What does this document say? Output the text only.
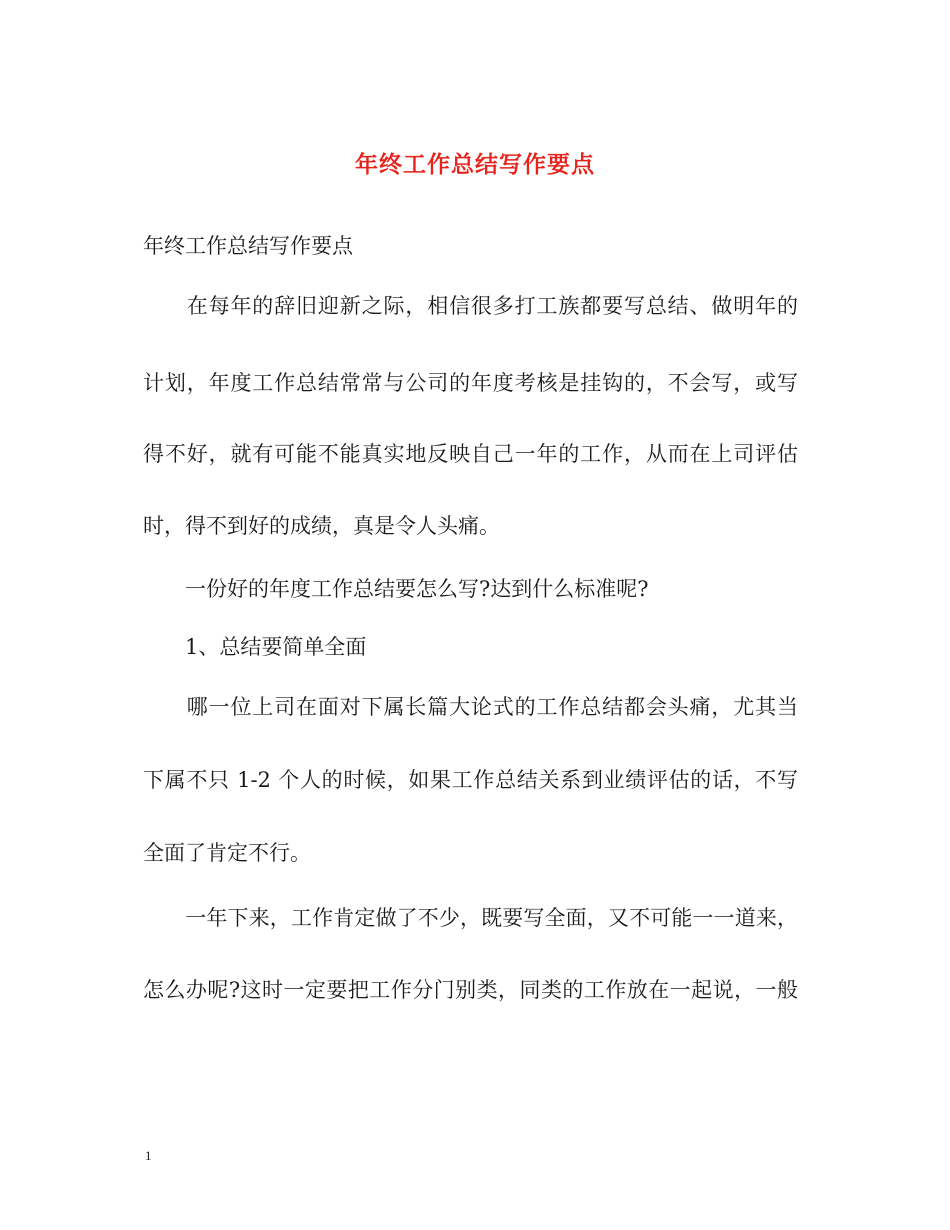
年终工作总结写作要点
年终工作总结写作要点
　　在每年的辞旧迎新之际，相信很多打工族都要写总结、做明年的
计划，年度工作总结常常与公司的年度考核是挂钩的，不会写，或写
得不好，就有可能不能真实地反映自己一年的工作，从而在上司评估
时，得不到好的成绩，真是令人头痛。
　　一份好的年度工作总结要怎么写?达到什么标准呢?
　　1、总结要简单全面
　　哪一位上司在面对下属长篇大论式的工作总结都会头痛，尤其当
下属不只 1-2 个人的时候，如果工作总结关系到业绩评估的话，不写
全面了肯定不行。
　　一年下来，工作肯定做了不少，既要写全面，又不可能一一道来，
怎么办呢?这时一定要把工作分门别类，同类的工作放在一起说，一般
1
